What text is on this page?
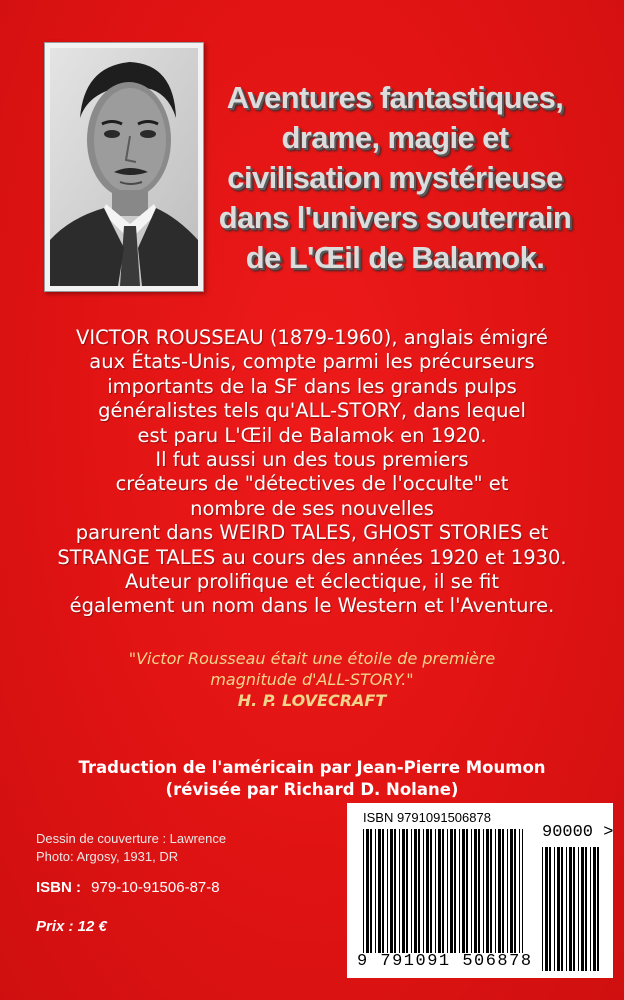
Aventures fantastiques,
drame, magie et
civilisation mystérieuse
dans l'univers souterrain
de L'Œil de Balamok.
VICTOR ROUSSEAU (1879-1960), anglais émigré
aux États-Unis, compte parmi les précurseurs
importants de la SF dans les grands pulps
généralistes tels qu'ALL-STORY, dans lequel
est paru L'Œil de Balamok en 1920.
Il fut aussi un des tous premiers
créateurs de "détectives de l'occulte" et
nombre de ses nouvelles
parurent dans WEIRD TALES, GHOST STORIES et
STRANGE TALES au cours des années 1920 et 1930.
Auteur prolifique et éclectique, il se fit
également un nom dans le Western et l'Aventure.
"Victor Rousseau était une étoile de première
magnitude d'ALL-STORY."
H. P. LOVECRAFT
Traduction de l'américain par Jean-Pierre Moumon
(révisée par Richard D. Nolane)
Dessin de couverture : Lawrence
Photo: Argosy, 1931, DR
ISBN : 979-10-91506-87-8
Prix : 12 €
ISBN 9791091506878
90000 >
9 791091 506878
